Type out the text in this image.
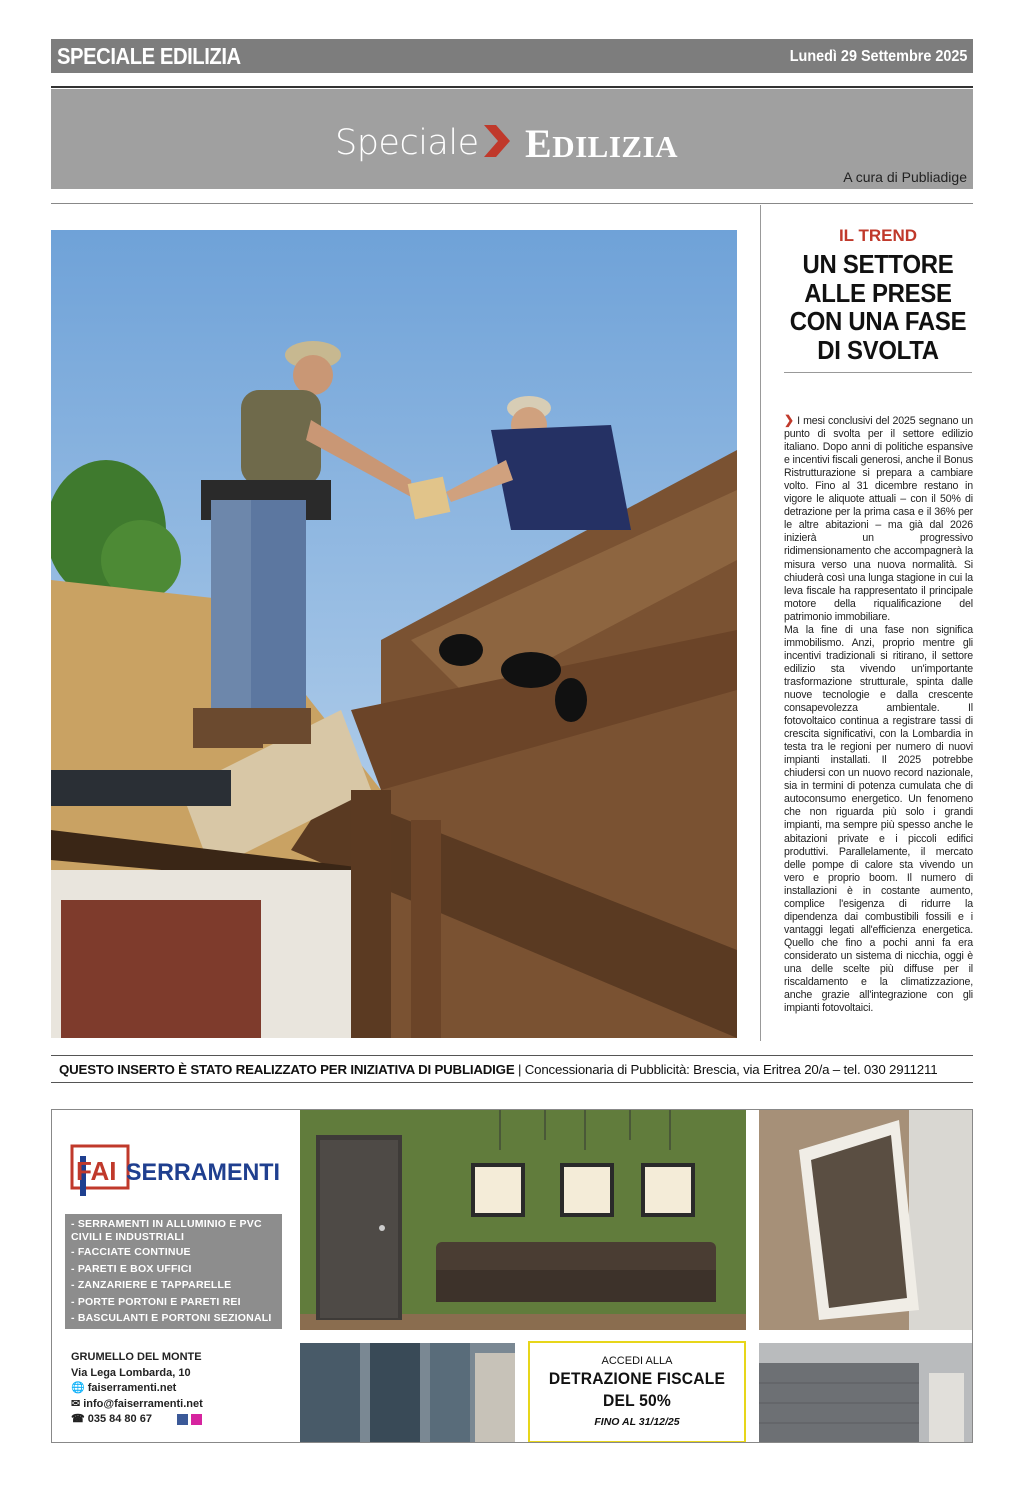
SPECIALE EDILIZIA	Lunedì 29 Settembre 2025
Speciale EDILIZIA
A cura di Publiadige
IL TREND
UN SETTORE ALLE PRESE CON UNA FASE DI SVOLTA

❯ I mesi conclusivi del 2025 segnano un punto di svolta per il settore edilizio italiano. Dopo anni di politiche espansive e incentivi fiscali generosi, anche il Bonus Ristrutturazione si prepara a cambiare volto. Fino al 31 dicembre restano in vigore le aliquote attuali – con il 50% di detrazione per la prima casa e il 36% per le altre abitazioni – ma già dal 2026 inizierà un progressivo ridimensionamento che accompagnerà la misura verso una nuova normalità. Si chiuderà così una lunga stagione in cui la leva fiscale ha rappresentato il principale motore della riqualificazione del patrimonio immobiliare.

Ma la fine di una fase non significa immobilismo. Anzi, proprio mentre gli incentivi tradizionali si ritirano, il settore edilizio sta vivendo un'importante trasformazione strutturale, spinta dalle nuove tecnologie e dalla crescente consapevolezza ambientale. Il fotovoltaico continua a registrare tassi di crescita significativi, con la Lombardia in testa tra le regioni per numero di nuovi impianti installati. Il 2025 potrebbe chiudersi con un nuovo record nazionale, sia in termini di potenza cumulata che di autoconsumo energetico. Un fenomeno che non riguarda più solo i grandi impianti, ma sempre più spesso anche le abitazioni private e i piccoli edifici produttivi. Parallelamente, il mercato delle pompe di calore sta vivendo un vero e proprio boom. Il numero di installazioni è in costante aumento, complice l'esigenza di ridurre la dipendenza dai combustibili fossili e i vantaggi legati all'efficienza energetica. Quello che fino a pochi anni fa era considerato un sistema di nicchia, oggi è una delle scelte più diffuse per il riscaldamento e la climatizzazione, anche grazie all'integrazione con gli impianti fotovoltaici.

QUESTO INSERTO È STATO REALIZZATO PER INIZIATIVA DI PUBLIADIGE | Concessionaria di Pubblicità: Brescia, via Eritrea 20/a – tel. 030 2911211
FAI SERRAMENTI
- SERRAMENTI IN ALLUMINIO E PVC CIVILI E INDUSTRIALI
- FACCIATE CONTINUE
- PARETI E BOX UFFICI
- ZANZARIERE E TAPPARELLE
- PORTE PORTONI E PARETI REI
- BASCULANTI E PORTONI SEZIONALI
GRUMELLO DEL MONTE
Via Lega Lombarda, 10
🌐 faiserramenti.net
✉ info@faiserramenti.net
☎ 035 84 80 67
ACCEDI ALLA
DETRAZIONE FISCALE
DEL 50%
FINO AL 31/12/25
